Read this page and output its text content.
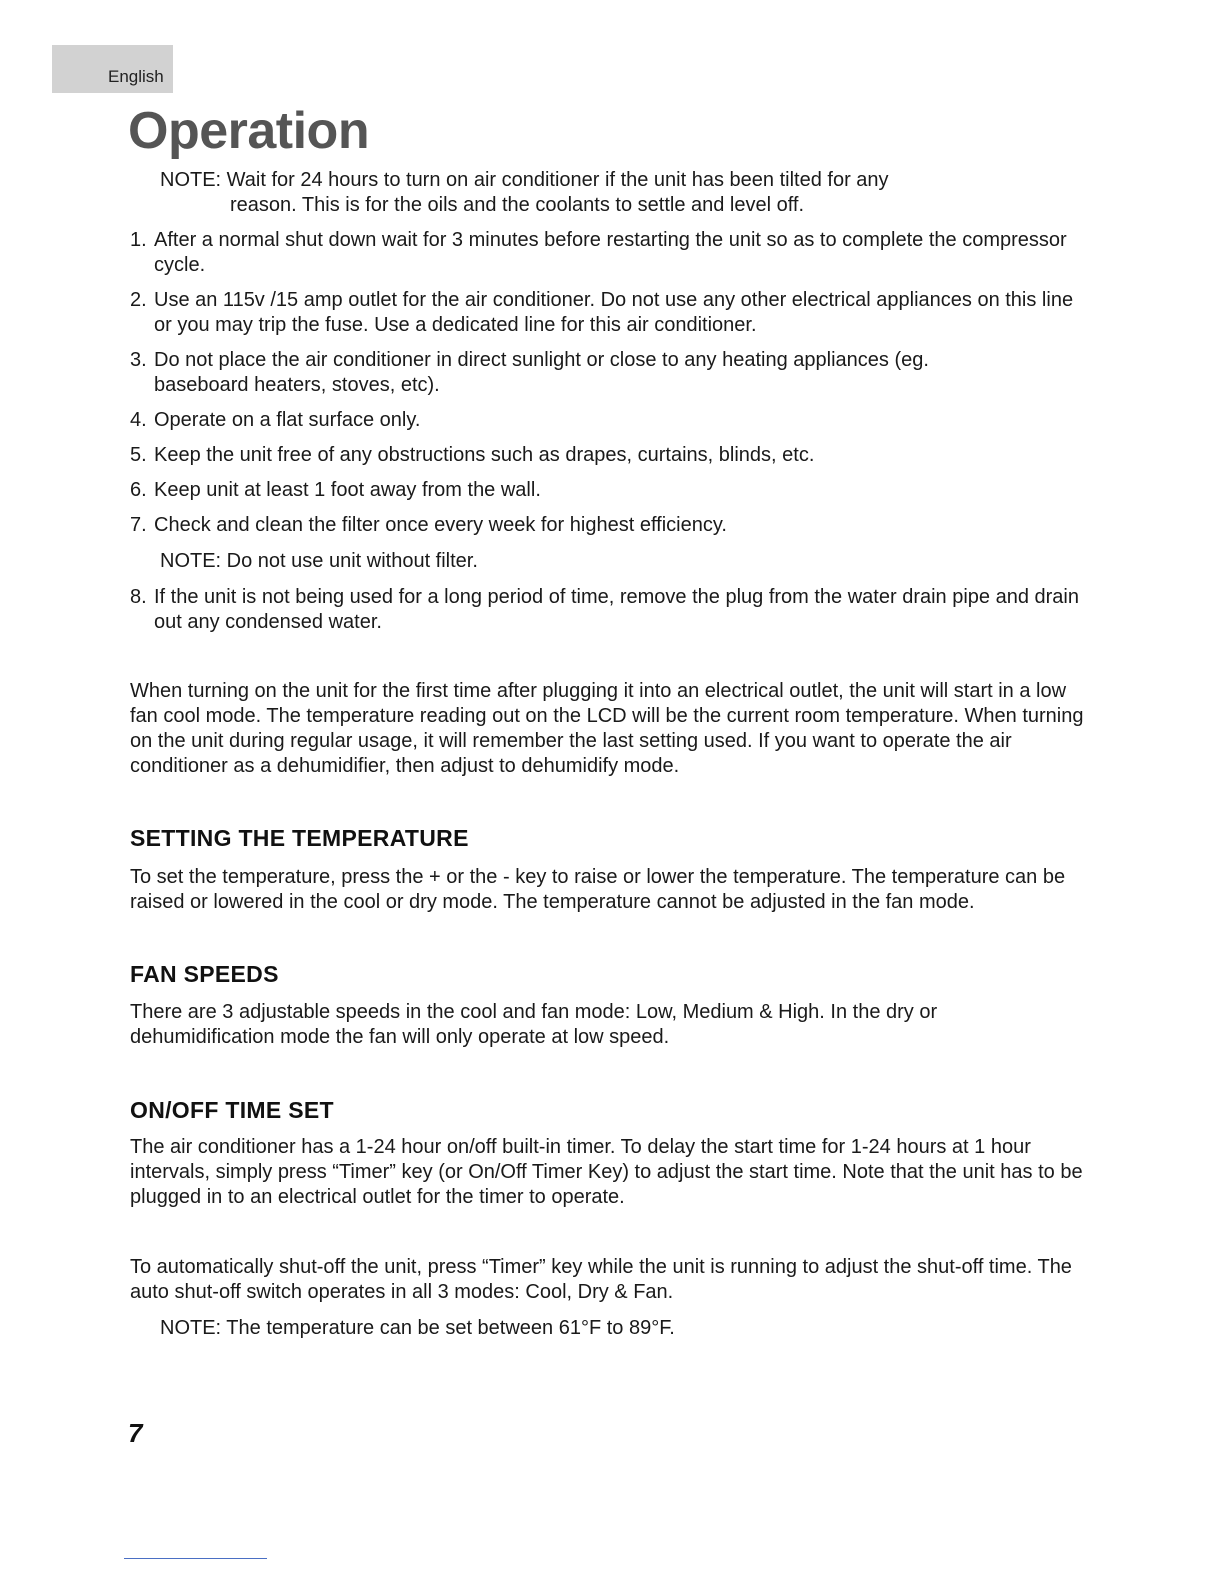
English
Operation

NOTE: Wait for 24 hours to turn on air conditioner if the unit has been tilted for any

reason. This is for the oils and the coolants to settle and level off.

1. After a normal shut down wait for 3 minutes before restarting the unit so as to complete the compressor cycle.
2. Use an 115v /15 amp outlet for the air conditioner. Do not use any other electrical appliances on this line or you may trip the fuse. Use a dedicated line for this air conditioner.
3. Do not place the air conditioner in direct sunlight or close to any heating appliances (eg. baseboard heaters, stoves, etc).
4. Operate on a flat surface only.
5. Keep the unit free of any obstructions such as drapes, curtains, blinds, etc.
6. Keep unit at least 1 foot away from the wall.
7. Check and clean the filter once every week for highest efficiency.

NOTE: Do not use unit without filter.

8. If the unit is not being used for a long period of time, remove the plug from the water drain pipe and drain out any condensed water.

When turning on the unit for the first time after plugging it into an electrical outlet, the unit will start in a low fan cool mode. The temperature reading out on the LCD will be the current room temperature. When turning on the unit during regular usage, it will remember the last setting used. If you want to operate the air conditioner as a dehumidifier, then adjust to dehumidify mode.

SETTING THE TEMPERATURE

To set the temperature, press the + or the - key to raise or lower the temperature. The temperature can be raised or lowered in the cool or dry mode. The temperature cannot be adjusted in the fan mode.

FAN SPEEDS

There are 3 adjustable speeds in the cool and fan mode: Low, Medium & High. In the dry or dehumidification mode the fan will only operate at low speed.

ON/OFF TIME SET

The air conditioner has a 1-24 hour on/off built-in timer. To delay the start time for 1-24 hours at 1 hour intervals, simply press “Timer” key (or On/Off Timer Key) to adjust the start time. Note that the unit has to be plugged in to an electrical outlet for the timer to operate.

To automatically shut-off the unit, press “Timer” key while the unit is running to adjust the shut-off time. The auto shut-off switch operates in all 3 modes: Cool, Dry & Fan.

NOTE: The temperature can be set between 61°F to 89°F.

7
